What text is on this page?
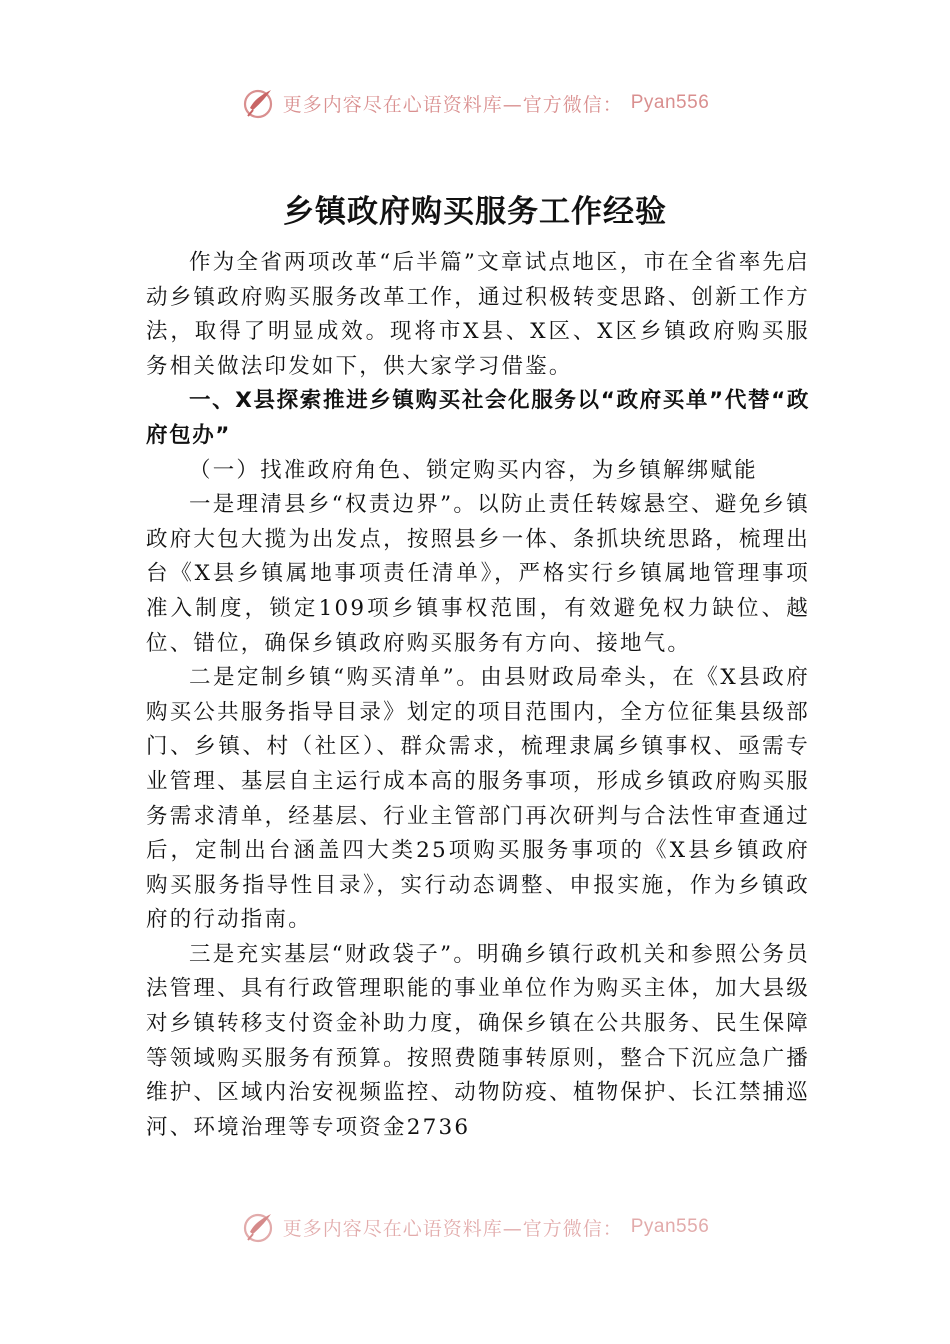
更多内容尽在心语资料库—官方微信： Pyan556
乡镇政府购买服务工作经验

作为全省两项改革“后半篇”文章试点地区，市在全省率先启动乡镇政府购买服务改革工作，通过积极转变思路、创新工作方法，取得了明显成效。现将市X县、X区、X区乡镇政府购买服务相关做法印发如下，供大家学习借鉴。

一、X县探索推进乡镇购买社会化服务以“政府买单”代替“政府包办”

（一）找准政府角色、锁定购买内容，为乡镇解绑赋能

一是理清县乡“权责边界”。以防止责任转嫁悬空、避免乡镇政府大包大揽为出发点，按照县乡一体、条抓块统思路，梳理出台《X县乡镇属地事项责任清单》，严格实行乡镇属地管理事项准入制度，锁定109项乡镇事权范围，有效避免权力缺位、越位、错位，确保乡镇政府购买服务有方向、接地气。

二是定制乡镇“购买清单”。由县财政局牵头，在《X县政府购买公共服务指导目录》划定的项目范围内，全方位征集县级部门、乡镇、村（社区）、群众需求，梳理隶属乡镇事权、亟需专业管理、基层自主运行成本高的服务事项，形成乡镇政府购买服务需求清单，经基层、行业主管部门再次研判与合法性审查通过后，定制出台涵盖四大类25项购买服务事项的《X县乡镇政府购买服务指导性目录》，实行动态调整、申报实施，作为乡镇政府的行动指南。

三是充实基层“财政袋子”。明确乡镇行政机关和参照公务员法管理、具有行政管理职能的事业单位作为购买主体，加大县级对乡镇转移支付资金补助力度，确保乡镇在公共服务、民生保障等领域购买服务有预算。按照费随事转原则，整合下沉应急广播维护、区域内治安视频监控、动物防疫、植物保护、长江禁捕巡河、环境治理等专项资金2736

更多内容尽在心语资料库—官方微信： Pyan556
